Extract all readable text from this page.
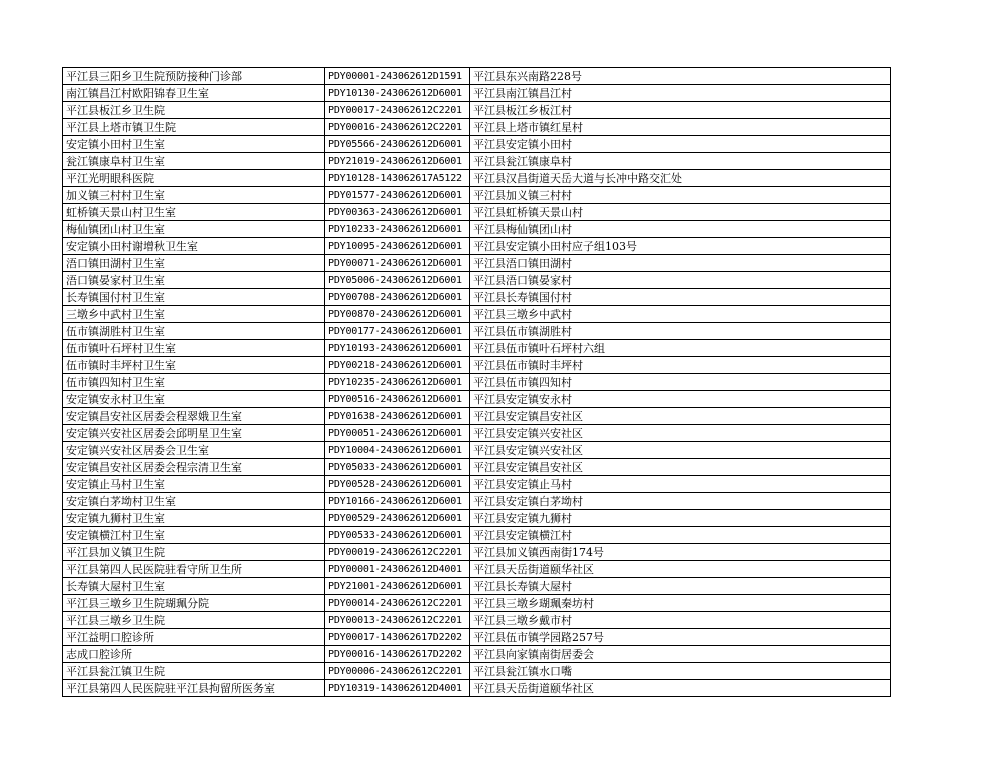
平江县三阳乡卫生院预防接种门诊部	PDY00001-243062612D1591	平江县东兴南路228号
南江镇昌江村欧阳锦春卫生室	PDY10130-243062612D6001	平江县南江镇昌江村
平江县板江乡卫生院	PDY00017-243062612C2201	平江县板江乡板江村
平江县上塔市镇卫生院	PDY00016-243062612C2201	平江县上塔市镇红星村
安定镇小田村卫生室	PDY05566-243062612D6001	平江县安定镇小田村
瓮江镇康阜村卫生室	PDY21019-243062612D6001	平江县瓮江镇康阜村
平江光明眼科医院	PDY10128-143062617A5122	平江县汉昌街道天岳大道与长冲中路交汇处
加义镇三村村卫生室	PDY01577-243062612D6001	平江县加义镇三村村
虹桥镇天景山村卫生室	PDY00363-243062612D6001	平江县虹桥镇天景山村
梅仙镇团山村卫生室	PDY10233-243062612D6001	平江县梅仙镇团山村
安定镇小田村谢增秋卫生室	PDY10095-243062612D6001	平江县安定镇小田村应子组103号
浯口镇田湖村卫生室	PDY00071-243062612D6001	平江县浯口镇田湖村
浯口镇晏家村卫生室	PDY05006-243062612D6001	平江县浯口镇晏家村
长寿镇国付村卫生室	PDY00708-243062612D6001	平江县长寿镇国付村
三墩乡中武村卫生室	PDY00870-243062612D6001	平江县三墩乡中武村
伍市镇湖胜村卫生室	PDY00177-243062612D6001	平江县伍市镇湖胜村
伍市镇叶石坪村卫生室	PDY10193-243062612D6001	平江县伍市镇叶石坪村六组
伍市镇时丰坪村卫生室	PDY00218-243062612D6001	平江县伍市镇时丰坪村
伍市镇四知村卫生室	PDY10235-243062612D6001	平江县伍市镇四知村
安定镇安永村卫生室	PDY00516-243062612D6001	平江县安定镇安永村
安定镇昌安社区居委会程翠娥卫生室	PDY01638-243062612D6001	平江县安定镇昌安社区
安定镇兴安社区居委会邱明星卫生室	PDY00051-243062612D6001	平江县安定镇兴安社区
安定镇兴安社区居委会卫生室	PDY10004-243062612D6001	平江县安定镇兴安社区
安定镇昌安社区居委会程宗清卫生室	PDY05033-243062612D6001	平江县安定镇昌安社区
安定镇止马村卫生室	PDY00528-243062612D6001	平江县安定镇止马村
安定镇白茅坳村卫生室	PDY10166-243062612D6001	平江县安定镇白茅坳村
安定镇九狮村卫生室	PDY00529-243062612D6001	平江县安定镇九狮村
安定镇横江村卫生室	PDY00533-243062612D6001	平江县安定镇横江村
平江县加义镇卫生院	PDY00019-243062612C2201	平江县加义镇西南街174号
平江县第四人民医院驻看守所卫生所	PDY00001-243062612D4001	平江县天岳街道颐华社区
长寿镇大屋村卫生室	PDY21001-243062612D6001	平江县长寿镇大屋村
平江县三墩乡卫生院瑚珮分院	PDY00014-243062612C2201	平江县三墩乡瑚珮秦坊村
平江县三墩乡卫生院	PDY00013-243062612C2201	平江县三墩乡戴市村
平江益明口腔诊所	PDY00017-143062617D2202	平江县伍市镇学园路257号
志成口腔诊所	PDY00016-143062617D2202	平江县向家镇南街居委会
平江县瓮江镇卫生院	PDY00006-243062612C2201	平江县瓮江镇水口嘴
平江县第四人民医院驻平江县拘留所医务室	PDY10319-143062612D4001	平江县天岳街道颐华社区
